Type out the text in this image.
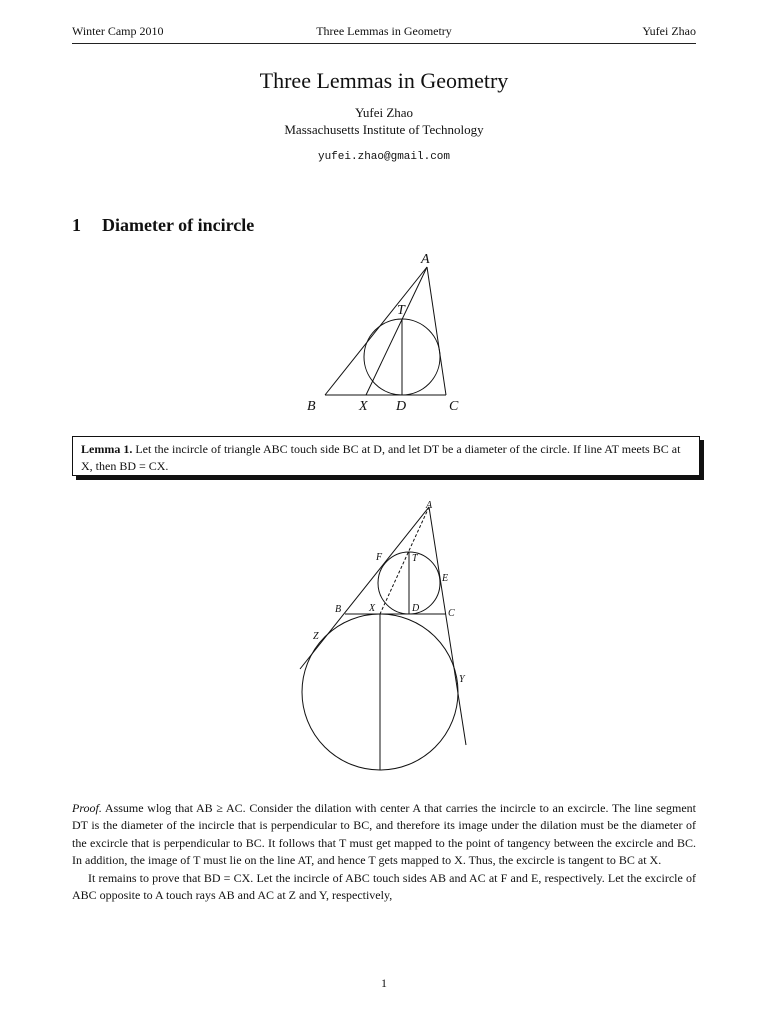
Winter Camp 2010	Three Lemmas in Geometry	Yufei Zhao
Three Lemmas in Geometry
Yufei Zhao
Massachusetts Institute of Technology
yufei.zhao@gmail.com
1 Diameter of incircle
A
T
B	X D	C
Lemma 1. Let the incircle of triangle ABC touch side BC at D, and let DT be a diameter of the circle. If line AT meets BC at X, then BD = CX.
A
F	T
E
B	X	D	C
Z
Y

Proof. Assume wlog that AB ≥ AC. Consider the dilation with center A that carries the incircle to an excircle. The line segment DT is the diameter of the incircle that is perpendicular to BC, and therefore its image under the dilation must be the diameter of the excircle that is perpendicular to BC. It follows that T must get mapped to the point of tangency between the excircle and BC. In addition, the image of T must lie on the line AT, and hence T gets mapped to X. Thus, the excircle is tangent to BC at X.

It remains to prove that BD = CX. Let the incircle of ABC touch sides AB and AC at F and E, respectively. Let the excircle of ABC opposite to A touch rays AB and AC at Z and Y, respectively,

1
